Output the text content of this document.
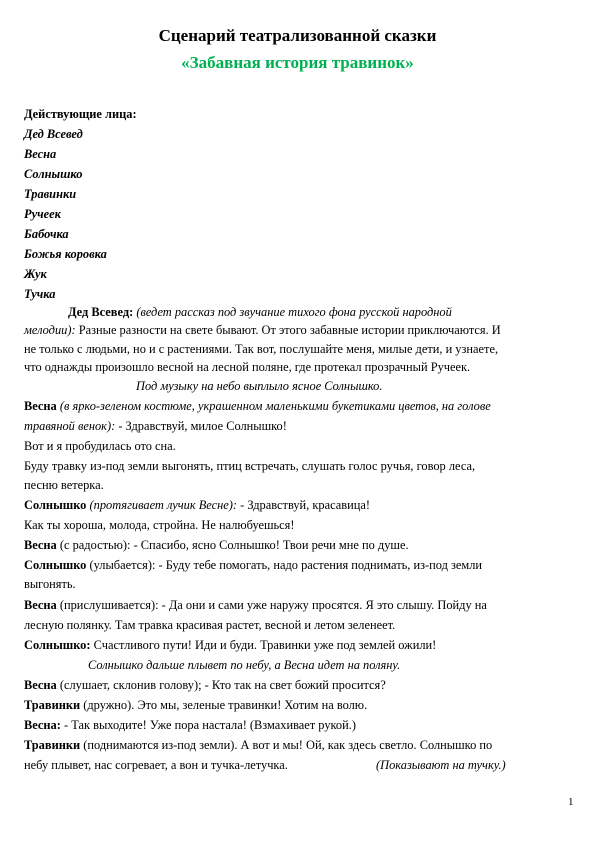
Сценарий театрализованной сказки
«Забавная история травинок»
Действующие лица:
Дед Всевед
Весна
Солнышко
Травинки
Ручеек
Бабочка
Божья коровка
Жук
Тучка
Дед Всевед: (ведет рассказ под звучание тихого фона русской народной
мелодии): Разные разности на свете бывают. От этого забавные истории приключаются. И
не только с людьми, но и с растениями. Так вот, послушайте меня, милые дети, и узнаете,
что однажды произошло весной на лесной поляне, где протекал прозрачный Ручеек.
Под музыку на небо выплыло ясное Солнышко.
Весна (в ярко-зеленом костюме, украшенном маленькими букетиками цветов, на голове
травяной венок): - Здравствуй, милое Солнышко!
Вот и я пробудилась ото сна.
Буду травку из-под земли выгонять, птиц встречать, слушать голос ручья, говор леса,
песню ветерка.
Солнышко (протягивает лучик Весне): - Здравствуй, красавица!
Как ты хороша, молода, стройна. Не налюбуешься!
Весна (с радостью): - Спасибо, ясно Солнышко! Твои речи мне по душе.
Солнышко (улыбается): - Буду тебе помогать, надо растения поднимать, из-под земли
выгонять.
Весна (прислушивается): - Да они и сами уже наружу просятся. Я это слышу. Пойду на
лесную полянку. Там травка красивая растет, весной и летом зеленеет.
Солнышко: Счастливого пути! Иди и буди. Травинки уже под землей ожили!
Солнышко дальше плывет по небу, а Весна идет на поляну.
Весна (слушает, склонив голову); - Кто так на свет божий просится?
Травинки (дружно). Это мы, зеленые травинки! Хотим на волю.
Весна: - Так выходите! Уже пора настала! (Взмахивает рукой.)
Травинки (поднимаются из-под земли). А вот и мы! Ой, как здесь светло. Солнышко по
небу плывет, нас согревает, а вон и тучка-летучка.	(Показывают на тучку.)
1
